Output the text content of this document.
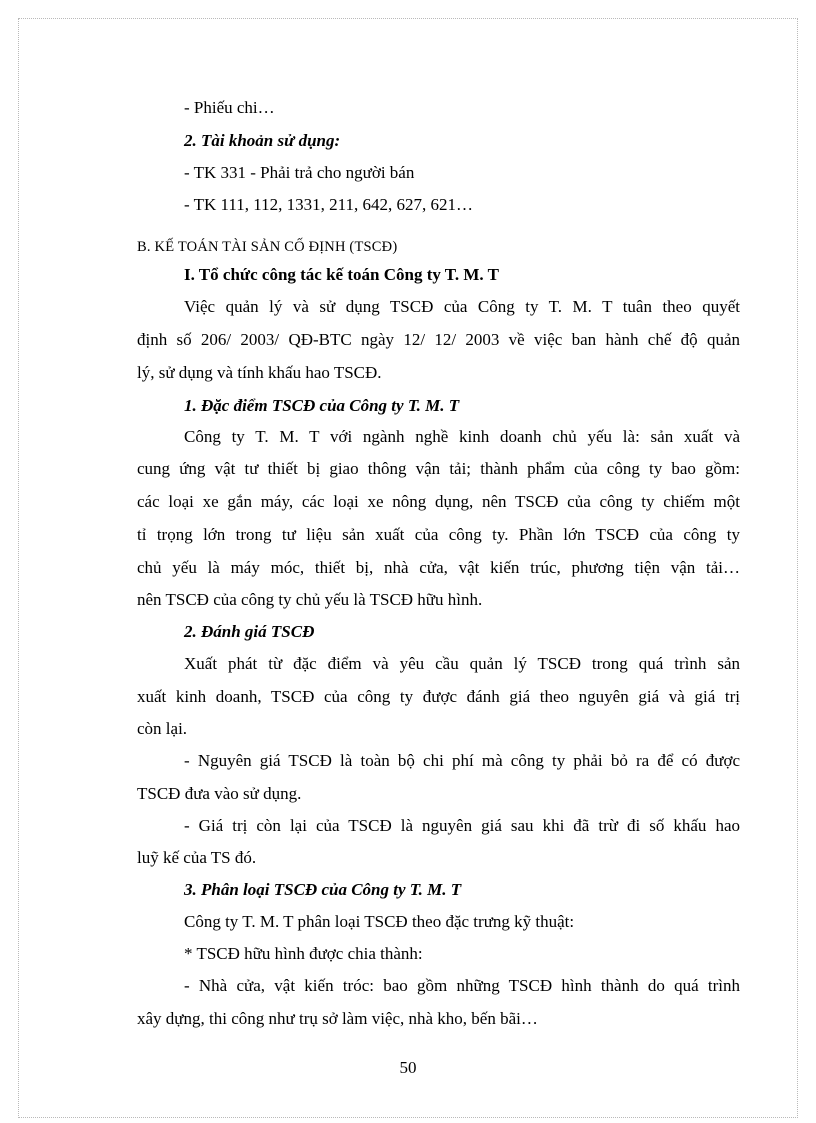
- Phiếu chi…
2. Tài khoản sử dụng:
- TK 331 - Phải trả cho người bán
- TK 111, 112, 1331, 211, 642, 627, 621…
B. KẾ TOÁN TÀI SẢN CỐ ĐỊNH (TSCĐ)
I. Tổ chức công tác kế toán Công ty T. M. T
Việc quản lý và sử dụng TSCĐ của Công ty T. M. T tuân theo quyết
định số 206/ 2003/ QĐ-BTC ngày 12/ 12/ 2003 về việc ban hành chế độ quản
lý, sử dụng và tính khấu hao TSCĐ.
1. Đặc điểm TSCĐ của Công ty T. M. T
Công ty T. M. T với ngành nghề kinh doanh chủ yếu là: sản xuất và
cung ứng vật tư thiết bị giao thông vận tải; thành phẩm của công ty bao gồm:
các loại xe gắn máy, các loại xe nông dụng, nên TSCĐ của công ty chiếm một
tỉ trọng lớn trong tư liệu sản xuất của công ty. Phần lớn TSCĐ của công ty
chủ yếu là máy móc, thiết bị, nhà cửa, vật kiến trúc, phương tiện vận tải…
nên TSCĐ của công ty chủ yếu là TSCĐ hữu hình.
2. Đánh giá TSCĐ
Xuất phát từ đặc điểm và yêu cầu quản lý TSCĐ trong quá trình sản
xuất kinh doanh, TSCĐ của công ty được đánh giá theo nguyên giá và giá trị
còn lại.
- Nguyên giá TSCĐ là toàn bộ chi phí mà công ty phải bỏ ra để có được
TSCĐ đưa vào sử dụng.
- Giá trị còn lại của TSCĐ là nguyên giá sau khi đã trừ đi số khấu hao
luỹ kế của TS đó.
3. Phân loại TSCĐ của Công ty T. M. T
Công ty T. M. T phân loại TSCĐ theo đặc trưng kỹ thuật:
* TSCĐ hữu hình được chia thành:
- Nhà cửa, vật kiến tróc: bao gồm những TSCĐ hình thành do quá trình
xây dựng, thi công như trụ sở làm việc, nhà kho, bến bãi…
50
